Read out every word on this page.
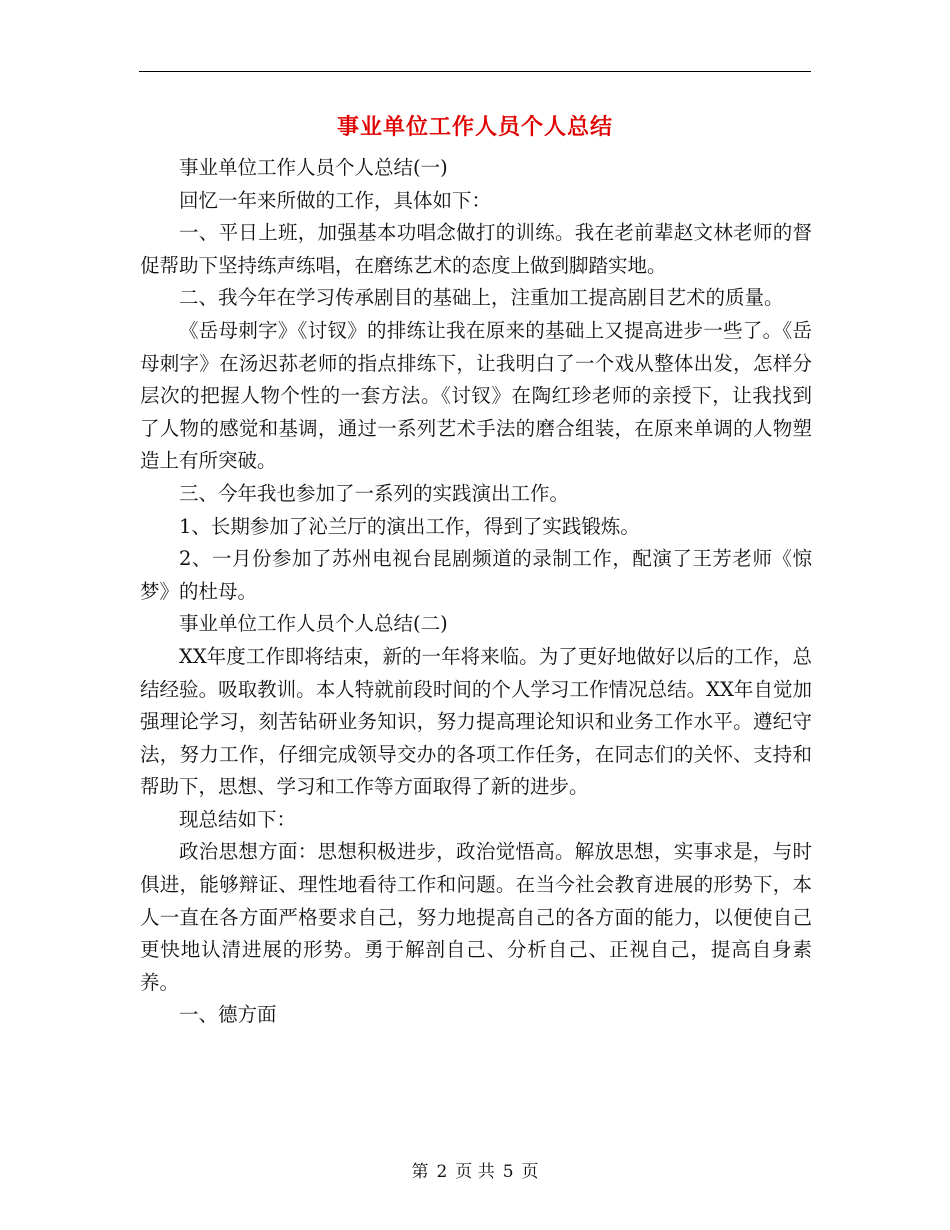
事业单位工作人员个人总结

事业单位工作人员个人总结(一)

回忆一年来所做的工作，具体如下：

一、平日上班，加强基本功唱念做打的训练。我在老前辈赵文林老师的督促帮助下坚持练声练唱，在磨练艺术的态度上做到脚踏实地。

二、我今年在学习传承剧目的基础上，注重加工提高剧目艺术的质量。

《岳母刺字》《讨钗》的排练让我在原来的基础上又提高进步一些了。《岳母刺字》在汤迟荪老师的指点排练下，让我明白了一个戏从整体出发，怎样分层次的把握人物个性的一套方法。《讨钗》在陶红珍老师的亲授下，让我找到了人物的感觉和基调，通过一系列艺术手法的磨合组装，在原来单调的人物塑造上有所突破。

三、今年我也参加了一系列的实践演出工作。

1、长期参加了沁兰厅的演出工作，得到了实践锻炼。

2、一月份参加了苏州电视台昆剧频道的录制工作，配演了王芳老师《惊梦》的杜母。

事业单位工作人员个人总结(二)

XX年度工作即将结束，新的一年将来临。为了更好地做好以后的工作，总结经验。吸取教训。本人特就前段时间的个人学习工作情况总结。XX年自觉加强理论学习，刻苦钻研业务知识，努力提高理论知识和业务工作水平。遵纪守法，努力工作，仔细完成领导交办的各项工作任务，在同志们的关怀、支持和帮助下，思想、学习和工作等方面取得了新的进步。

现总结如下：

政治思想方面：思想积极进步，政治觉悟高。解放思想，实事求是，与时俱进，能够辩证、理性地看待工作和问题。在当今社会教育进展的形势下，本人一直在各方面严格要求自己，努力地提高自己的各方面的能力，以便使自己更快地认清进展的形势。勇于解剖自己、分析自己、正视自己，提高自身素养。

一、德方面

第 2 页 共 5 页
